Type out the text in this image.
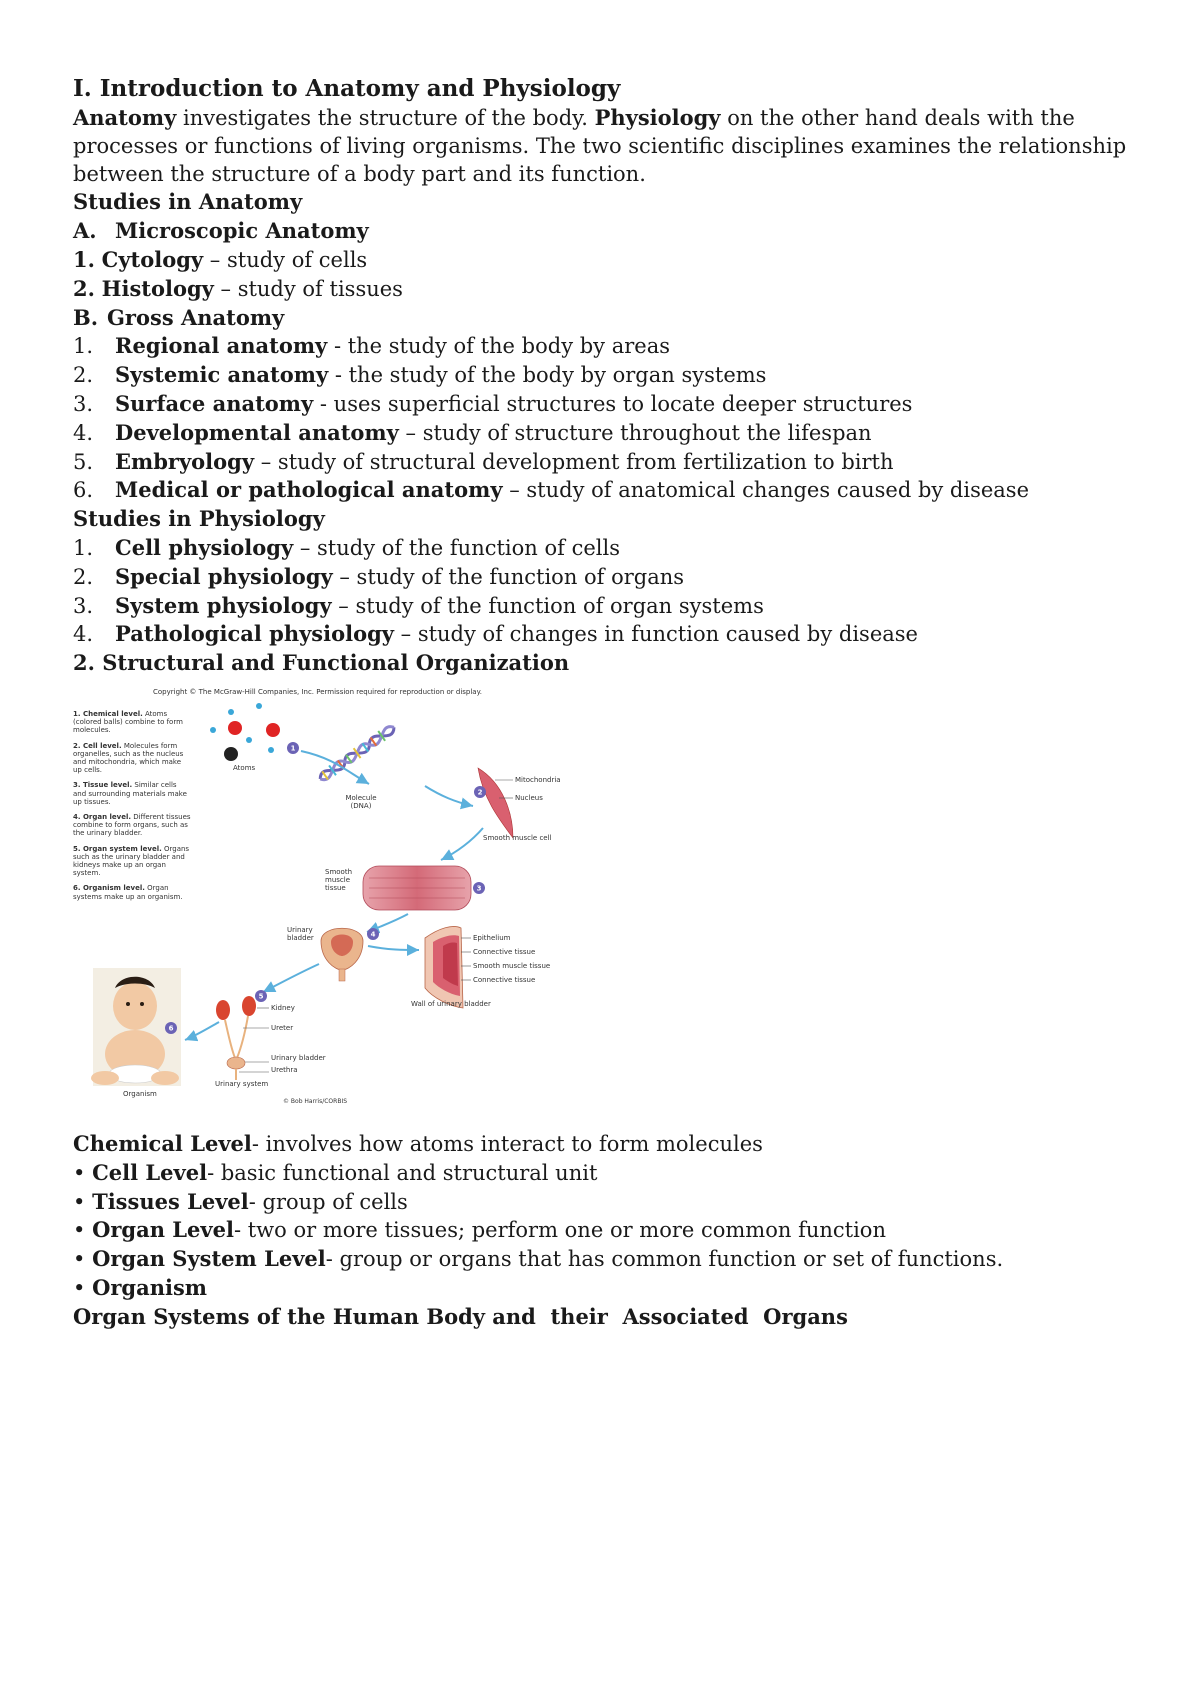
I. Introduction to Anatomy and Physiology
Anatomy investigates the structure of the body. Physiology on the other hand deals with the processes or functions of living organisms. The two scientific disciplines examines the relationship between the structure of a body part and its function.
Studies in Anatomy
A. Microscopic Anatomy
1. Cytology – study of cells
2. Histology – study of tissues
B. Gross Anatomy
1. Regional anatomy - the study of the body by areas
2. Systemic anatomy - the study of the body by organ systems
3. Surface anatomy - uses superficial structures to locate deeper structures
4. Developmental anatomy – study of structure throughout the lifespan
5. Embryology – study of structural development from fertilization to birth
6. Medical or pathological anatomy – study of anatomical changes caused by disease
Studies in Physiology
1. Cell physiology – study of the function of cells
2. Special physiology – study of the function of organs
3. System physiology – study of the function of organ systems
4. Pathological physiology – study of changes in function caused by disease
2. Structural and Functional Organization
1
2
3
4
5
6
Copyright © The McGraw-Hill Companies, Inc. Permission required for reproduction or display.
1. Chemical level. Atoms (colored balls) combine to form molecules.
2. Cell level. Molecules form organelles, such as the nucleus and mitochondria, which make up cells.
3. Tissue level. Similar cells and surrounding materials make up tissues.
4. Organ level. Different tissues combine to form organs, such as the urinary bladder.
5. Organ system level. Organs such as the urinary bladder and kidneys make up an organ system.
6. Organism level. Organ systems make up an organism.
Atoms
Molecule (DNA)
Mitochondria
Nucleus
Smooth muscle cell
Smooth muscle tissue
Urinary bladder	Epithelium
Connective tissue
Smooth muscle tissue
Connective tissue
Wall of urinary bladder
Kidney
Ureter
Urinary bladder
Urethra
Urinary system
Organism
© Bob Harris/CORBIS
Chemical Level- involves how atoms interact to form molecules
• Cell Level- basic functional and structural unit
• Tissues Level- group of cells
• Organ Level- two or more tissues; perform one or more common function
• Organ System Level- group or organs that has common function or set of functions.
• Organism
Organ Systems of the Human Body and  their  Associated  Organs
